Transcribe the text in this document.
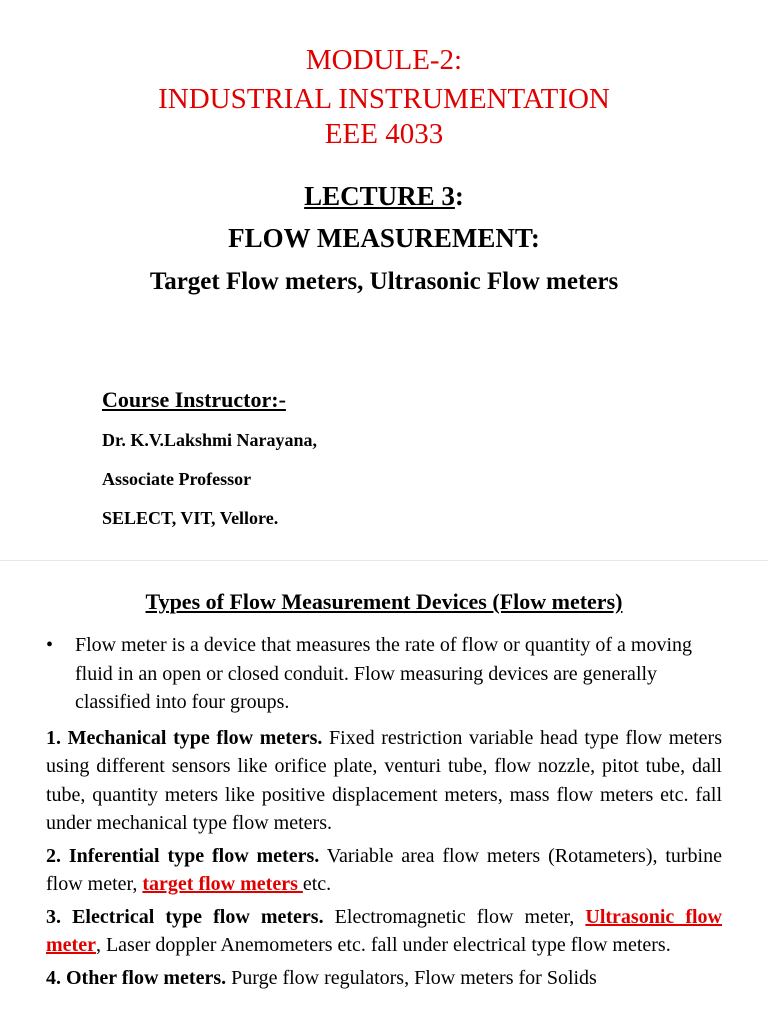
MODULE-2:
INDUSTRIAL INSTRUMENTATION
EEE 4033
LECTURE 3:
FLOW MEASUREMENT:
Target Flow meters, Ultrasonic Flow meters
Course Instructor:-
Dr. K.V.Lakshmi Narayana,
Associate Professor
SELECT, VIT, Vellore.
Types of Flow Measurement Devices (Flow meters)
• Flow meter is a device that measures the rate of flow or quantity of a moving fluid in an open or closed conduit. Flow measuring devices are generally classified into four groups.
1. Mechanical type flow meters. Fixed restriction variable head type flow meters using different sensors like orifice plate, venturi tube, flow nozzle, pitot tube, dall tube, quantity meters like positive displacement meters, mass flow meters etc. fall under mechanical type flow meters.
2. Inferential type flow meters. Variable area flow meters (Rotameters), turbine flow meter, target flow meters etc.
3. Electrical type flow meters. Electromagnetic flow meter, Ultrasonic flow meter, Laser doppler Anemometers etc. fall under electrical type flow meters.
4. Other flow meters. Purge flow regulators, Flow meters for Solids
